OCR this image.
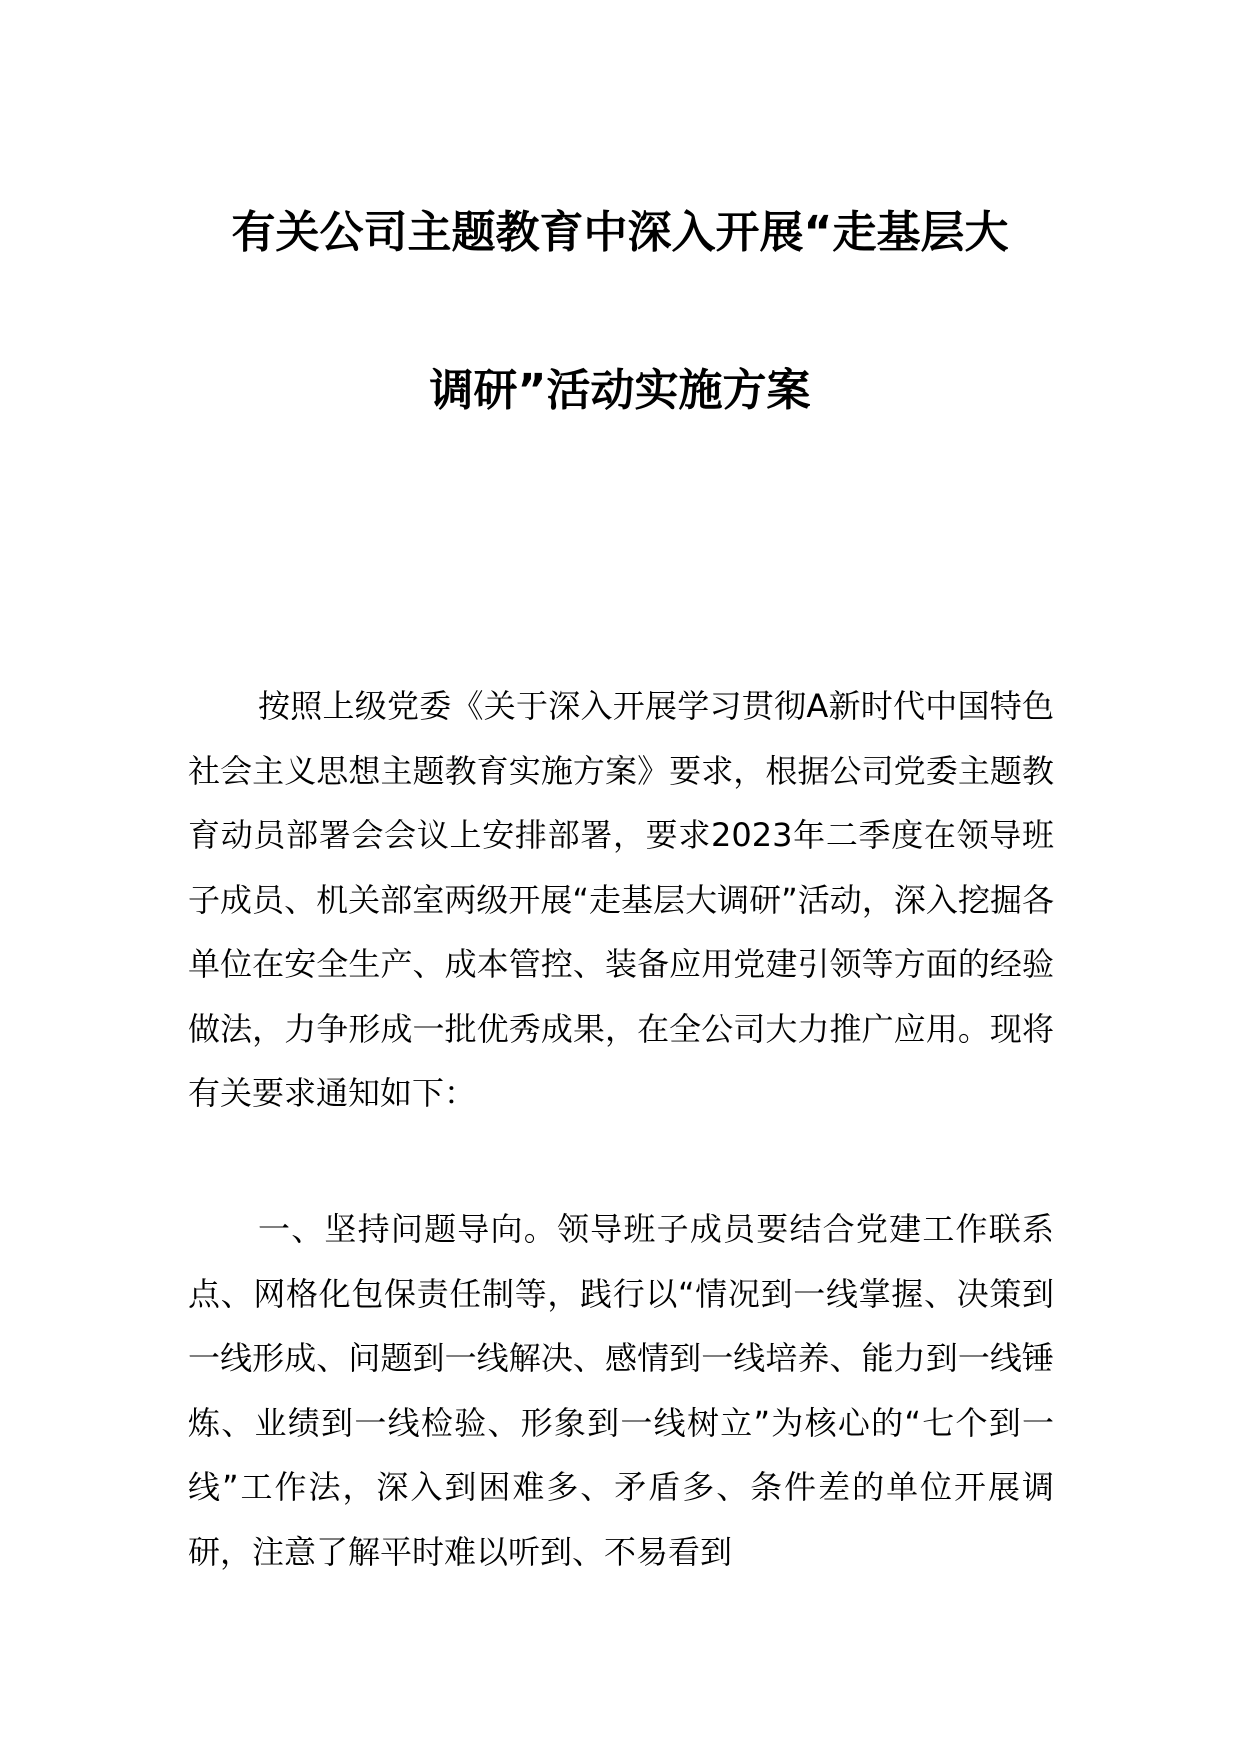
有关公司主题教育中深入开展“走基层大
调研”活动实施方案
按照上级党委《关于深入开展学习贯彻A新时代中国特色社会主义思想主题教育实施方案》要求，根据公司党委主题教育动员部署会会议上安排部署，要求2023年二季度在领导班子成员、机关部室两级开展“走基层大调研”活动，深入挖掘各单位在安全生产、成本管控、装备应用党建引领等方面的经验做法，力争形成一批优秀成果，在全公司大力推广应用。现将有关要求通知如下：
一、坚持问题导向。领导班子成员要结合党建工作联系点、网格化包保责任制等，践行以“情况到一线掌握、决策到一线形成、问题到一线解决、感情到一线培养、能力到一线锤炼、业绩到一线检验、形象到一线树立”为核心的“七个到一线”工作法，深入到困难多、矛盾多、条件差的单位开展调研，注意了解平时难以听到、不易看到
